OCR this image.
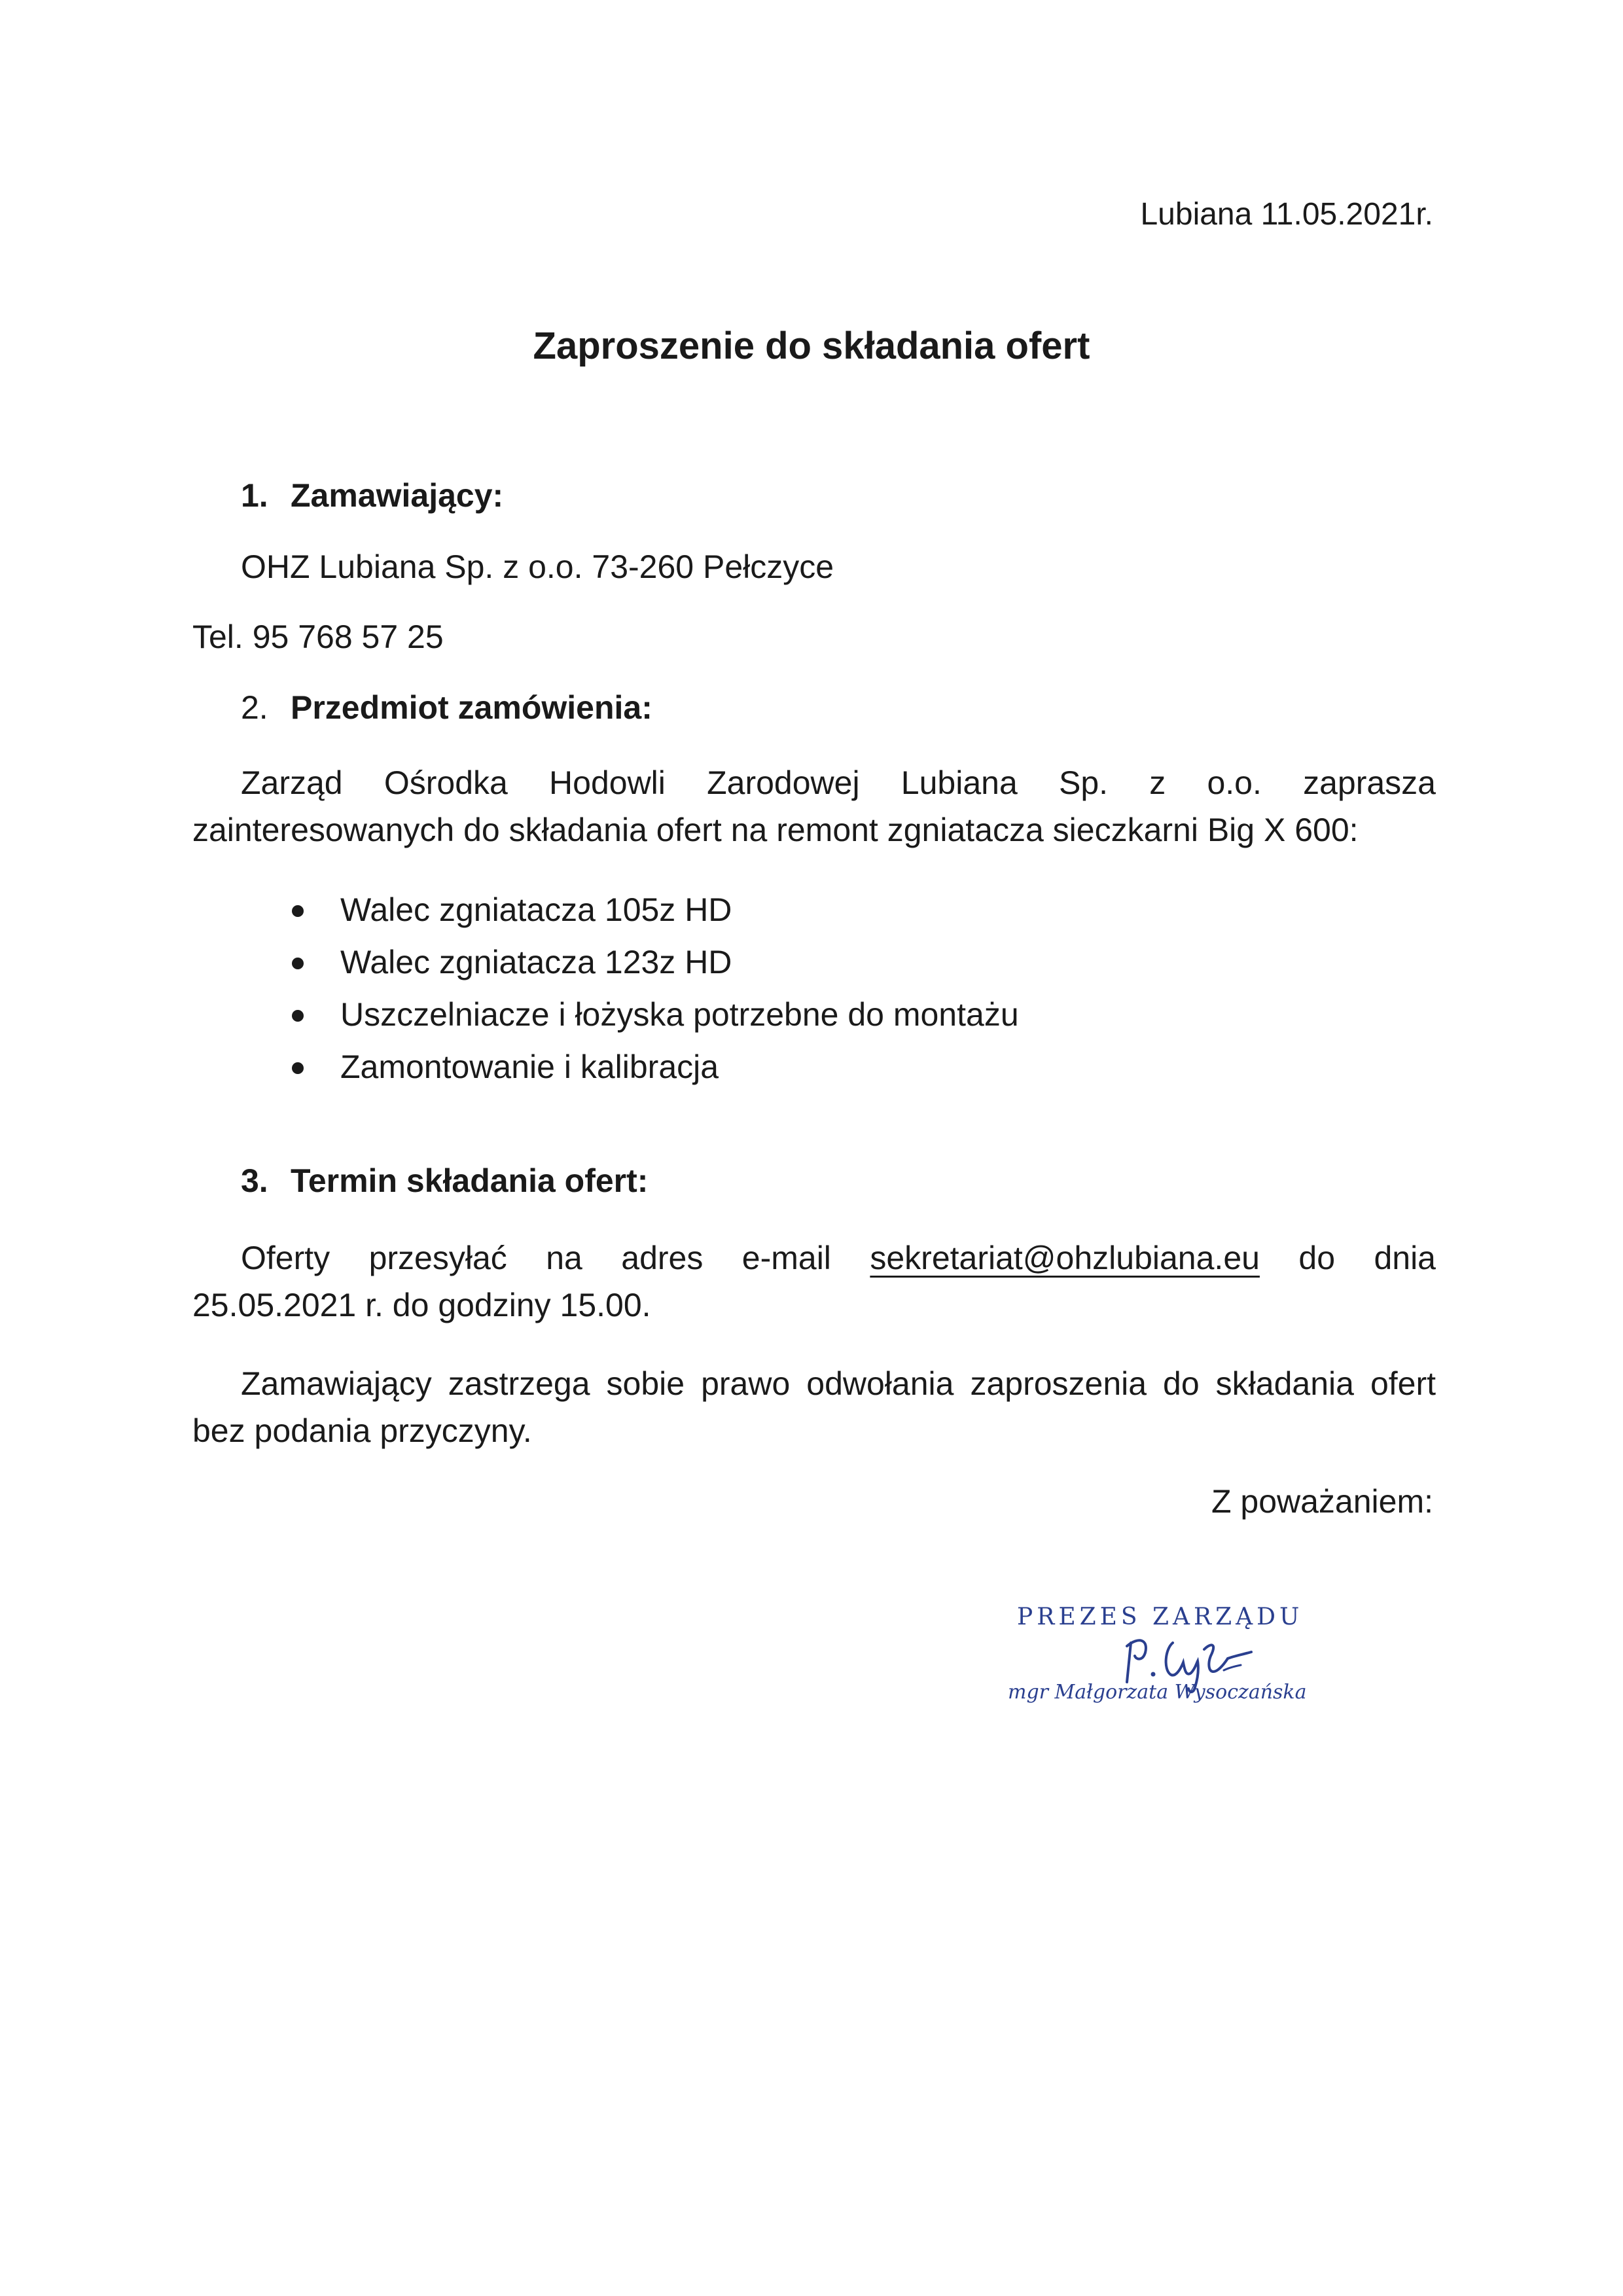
Lubiana 11.05.2021r.
Zaproszenie do składania ofert
1. Zamawiający:
OHZ Lubiana Sp. z o.o. 73-260 Pełczyce
Tel. 95 768 57 25
2. Przedmiot zamówienia:
Zarząd Ośrodka Hodowli Zarodowej Lubiana Sp. z o.o. zaprasza
zainteresowanych do składania ofert na remont zgniatacza sieczkarni Big X 600:
Walec zgniatacza 105z HD
Walec zgniatacza 123z HD
Uszczelniacze i łożyska potrzebne do montażu
Zamontowanie i kalibracja
3. Termin składania ofert:
Oferty przesyłać na adres e-mail sekretariat@ohzlubiana.eu do dnia
25.05.2021 r. do godziny 15.00.
Zamawiający zastrzega sobie prawo odwołania zaproszenia do składania ofert
bez podania przyczyny.
Z poważaniem:
PREZES ZARZĄDU
mgr Małgorzata Wysoczańska
